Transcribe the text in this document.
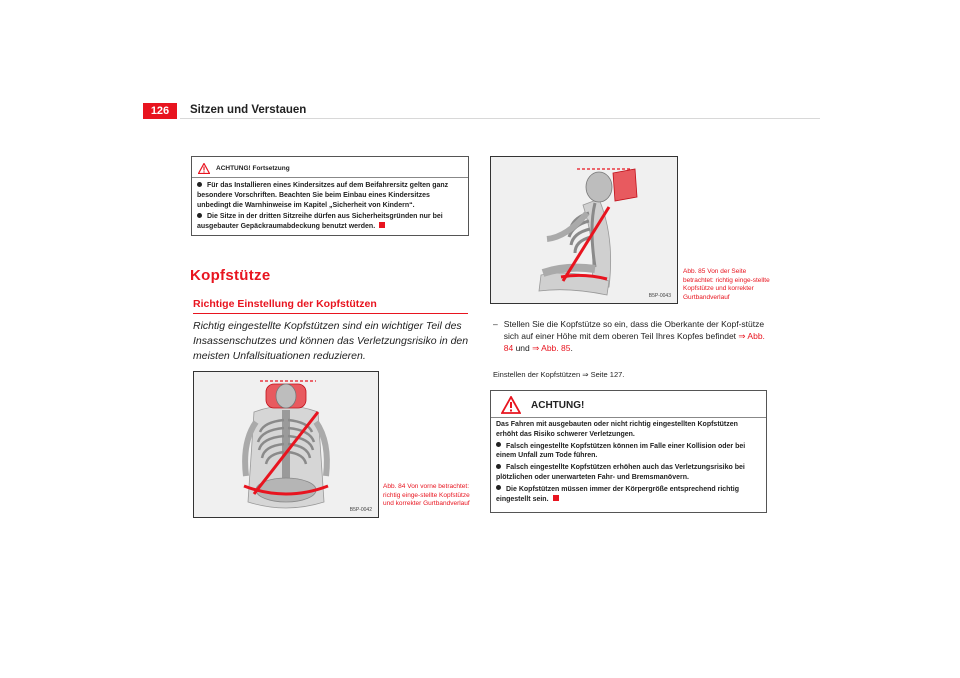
126	Sitzen und Verstauen
ACHTUNG! Fortsetzung

Für das Installieren eines Kindersitzes auf dem Beifahrersitz gelten ganz besondere Vorschriften. Beachten Sie beim Einbau eines Kindersitzes unbedingt die Warnhinweise im Kapitel „Sicherheit von Kindern“.

Die Sitze in der dritten Sitzreihe dürfen aus Sicherheitsgründen nur bei ausgebauter Gepäckraumabdeckung benutzt werden.

Kopfstütze
Richtige Einstellung der Kopfstützen
Richtig eingestellte Kopfstützen sind ein wichtiger Teil des Insassenschutzes und können das Verletzungsrisiko in den meisten Unfallsituationen reduzieren.
B5P-0042
Abb. 84 Von vorne betrachtet: richtig einge-stellte Kopfstütze und korrekter Gurtbandverlauf
B5P-0043
Abb. 85 Von der Seite betrachtet: richtig einge-stellte Kopfstütze und korrekter Gurtbandverlauf

– Stellen Sie die Kopfstütze so ein, dass die Oberkante der Kopf-stütze sich auf einer Höhe mit dem oberen Teil Ihres Kopfes befindet ⇒ Abb. 84 und ⇒ Abb. 85.

Einstellen der Kopfstützen ⇒ Seite 127.
ACHTUNG!

Das Fahren mit ausgebauten oder nicht richtig eingestellten Kopfstützen erhöht das Risiko schwerer Verletzungen.

Falsch eingestellte Kopfstützen können im Falle einer Kollision oder bei einem Unfall zum Tode führen.

Falsch eingestellte Kopfstützen erhöhen auch das Verletzungsrisiko bei plötzlichen oder unerwarteten Fahr- und Bremsmanövern.

Die Kopfstützen müssen immer der Körpergröße entsprechend richtig eingestellt sein.
